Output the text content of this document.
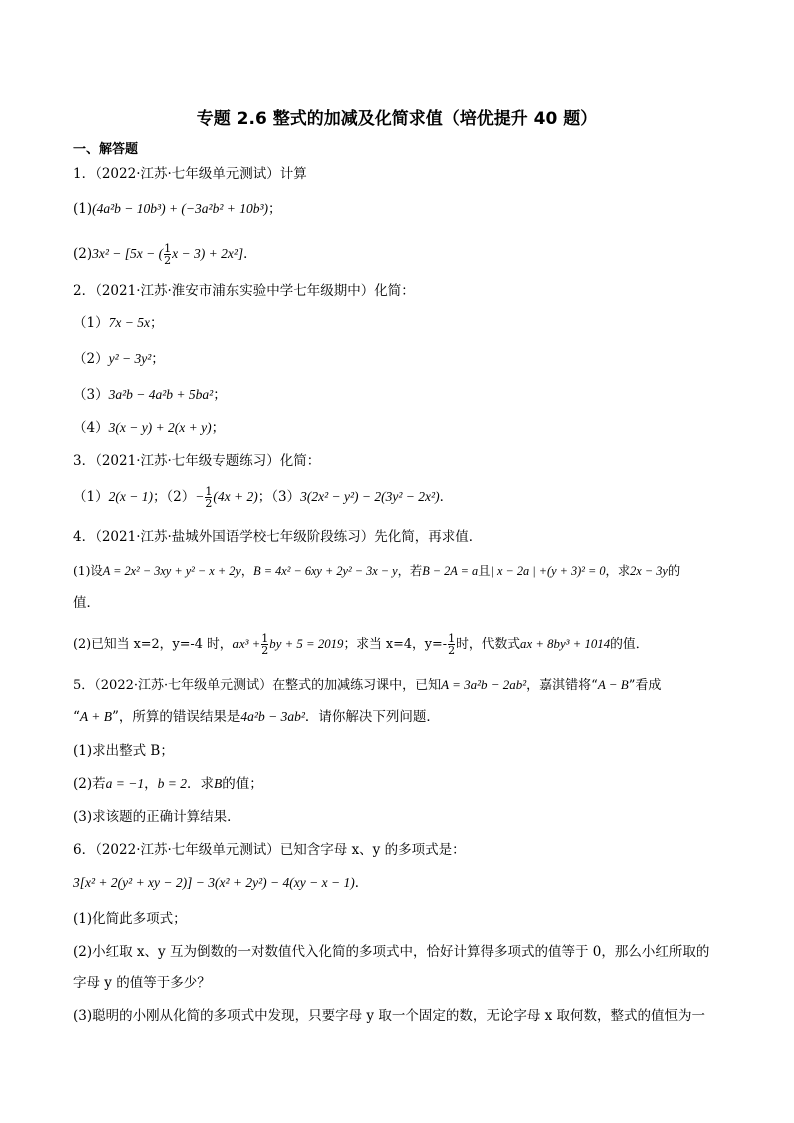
专题 2.6 整式的加减及化简求值（培优提升 40 题）
一、解答题
1．（2022·江苏·七年级单元测试）计算
(1)(4a²b − 10b³) + (−3a²b² + 10b³)；
(2)3x² − [5x − ( $\frac{1}{2}$ x − 3) + 2x²]．
2．（2021·江苏·淮安市浦东实验中学七年级期中）化简：
（1）7x − 5x；
（2）y² − 3y²；
（3）3a²b − 4a²b + 5ba²；
（4）3(x − y) + 2(x + y)；
3．（2021·江苏·七年级专题练习）化简：
（1）2(x − 1)；$(2)- \frac{1}{2} (4x + 2)$；（3）3(2x² − y²) − 2(3y² − 2x²)．
4．（2021·江苏·盐城外国语学校七年级阶段练习）先化简，再求值．
(1)设A = 2x² − 3xy + y² − x + 2y，B = 4x² − 6xy + 2y² − 3x − y，若B − 2A = a且| x − 2a | +(y + 3)² = 0，求2x − 3y的
值．
(2)已知当 x=2，y=-4 时，$ax^3 + \frac{1}{2}$ by + 5 = 2019；求当 x=4，$y=- \frac{1}{2}$ 时，代数式ax + 8by³ + 1014的值．
5．（2022·江苏·七年级单元测试）在整式的加减练习课中，已知A = 3a²b − 2ab²，嘉淇错将“A − B”看成
“A + B”，所算的错误结果是4a²b − 3ab²．请你解决下列问题．
(1)求出整式 B；
(2)若a = −1，b = 2．求B的值；
(3)求该题的正确计算结果．
6．（2022·江苏·七年级单元测试）已知含字母 x、y 的多项式是：
3[x² + 2(y² + xy − 2)] − 3(x² + 2y²) − 4(xy − x − 1)．
(1)化简此多项式；
(2)小红取 x、y 互为倒数的一对数值代入化简的多项式中，恰好计算得多项式的值等于 0，那么小红所取的
字母 y 的值等于多少？
(3)聪明的小刚从化简的多项式中发现，只要字母 y 取一个固定的数，无论字母 x 取何数，整式的值恒为一
